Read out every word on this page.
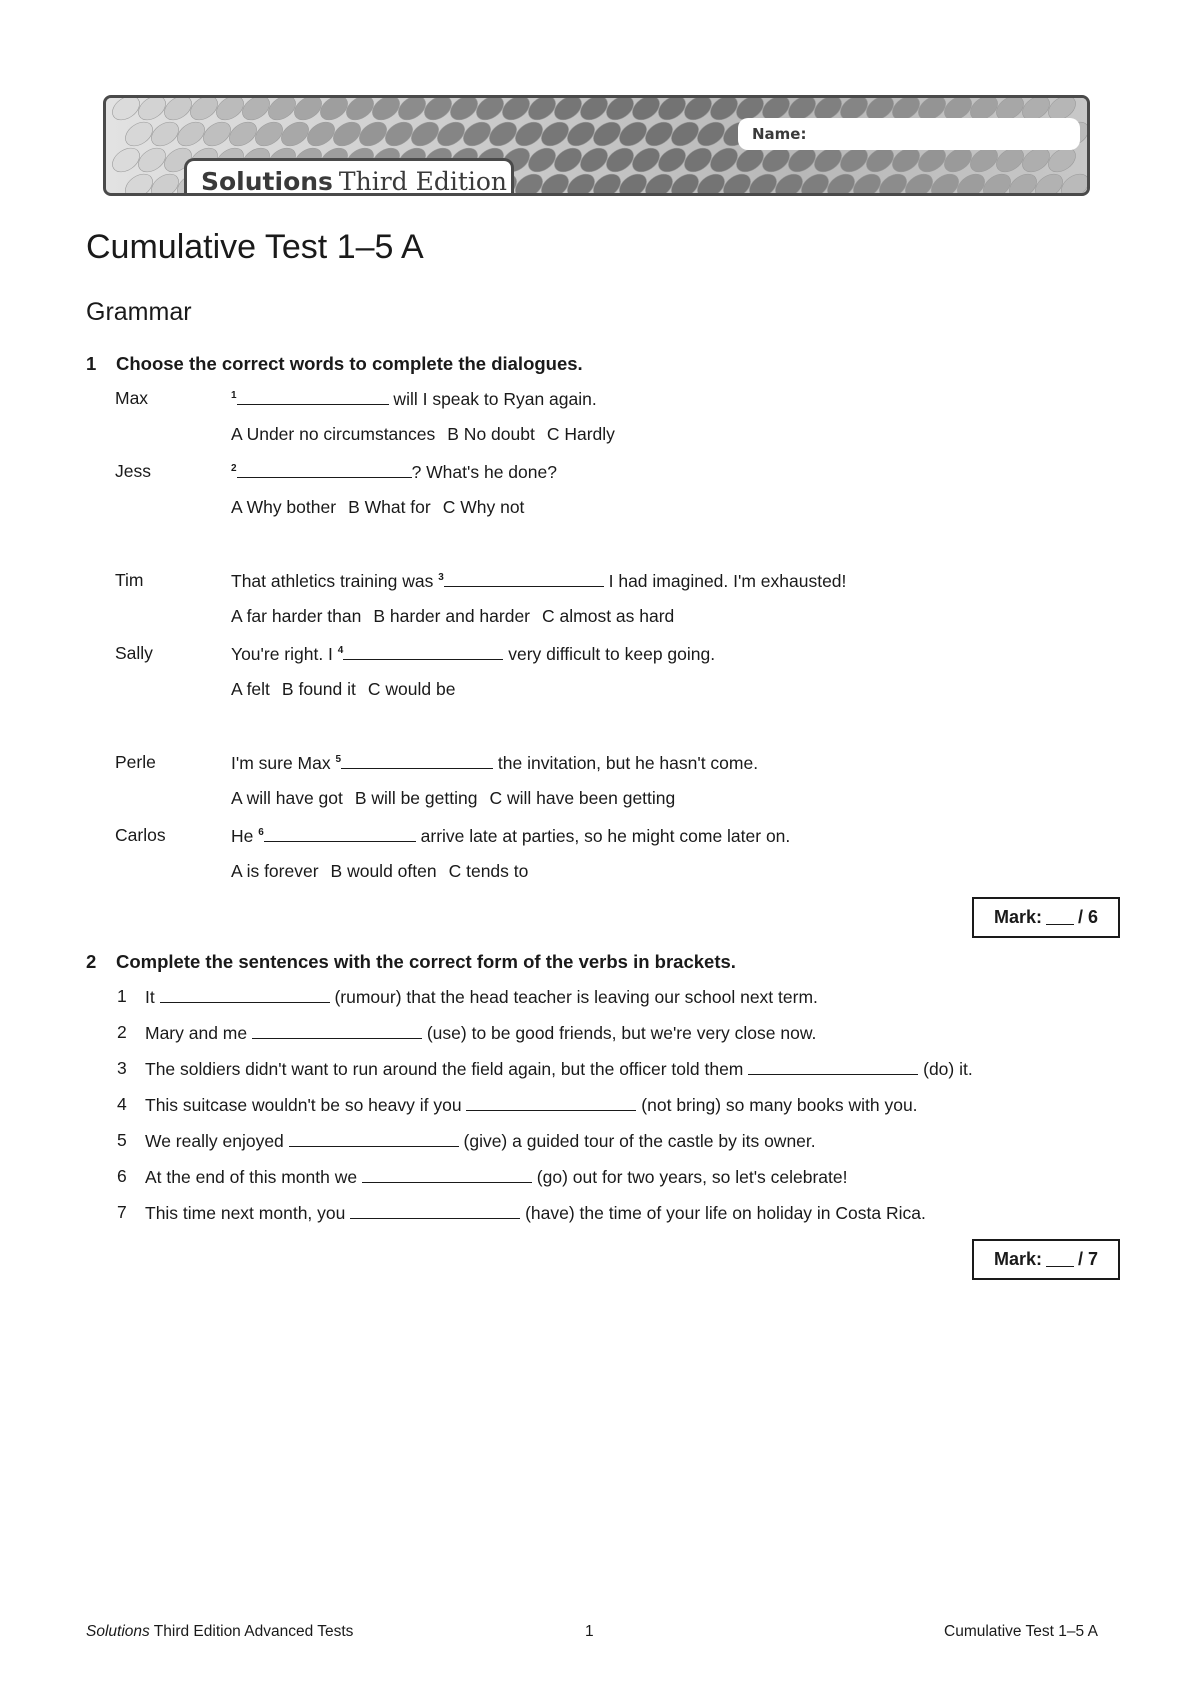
Solutions Third Edition
Name:
Cumulative Test 1–5 A
Grammar
1 Choose the correct words to complete the dialogues.
Max	$^1$	will I speak to Ryan again.
A Under no circumstances B No doubt C Hardly
Jess	$^2$	? What's he done?
A Why bother B What for C Why not
Tim	That athletics training was $^3$	I had imagined. I'm exhausted!
A far harder than B harder and harder C almost as hard
Sally	You're right. I $^4$	very difficult to keep going.
A felt B found it C would be
Perle	I'm sure Max $^5$	the invitation, but he hasn't come.
A will have got B will be getting C will have been getting
Carlos	He $^6$	arrive late at parties, so he might come later on.
A is forever B would often C tends to
Mark: / 6
2 Complete the sentences with the correct form of the verbs in brackets.
1 It	(rumour) that the head teacher is leaving our school next term.
2 Mary and me	(use) to be good friends, but we're very close now.
3 The soldiers didn't want to run around the field again, but the officer told them	(do) it.
4 This suitcase wouldn't be so heavy if you	(not bring) so many books with you.
5 We really enjoyed	(give) a guided tour of the castle by its owner.
6 At the end of this month we	(go) out for two years, so let's celebrate!
7 This time next month, you	(have) the time of your life on holiday in Costa Rica.
Mark: / 7
Solutions Third Edition Advanced Tests	1	Cumulative Test 1–5 A
